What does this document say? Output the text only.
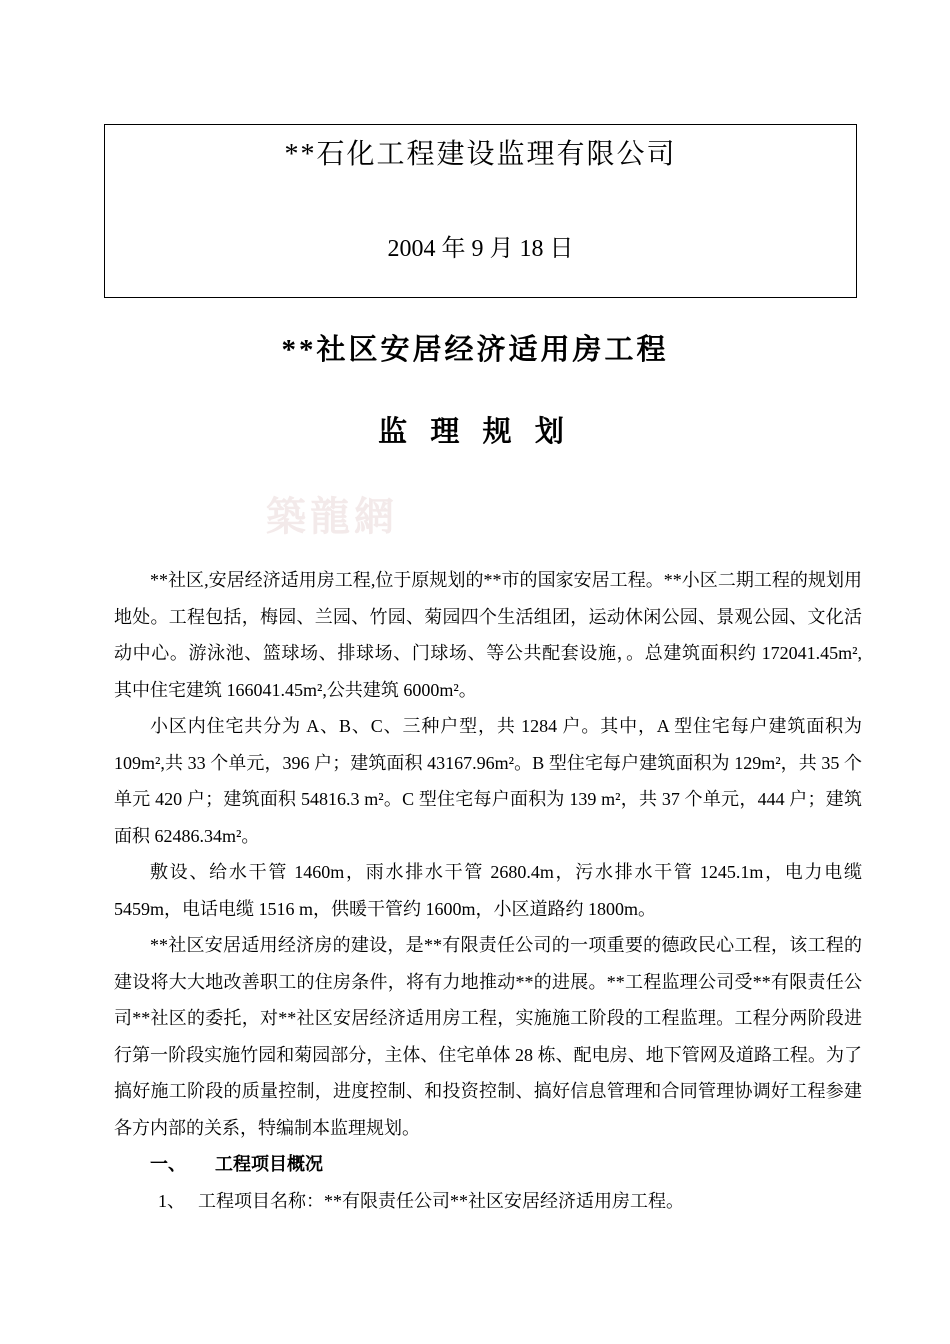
**石化工程建设监理有限公司
2004 年 9 月 18 日
**社区安居经济适用房工程
监 理 规 划
築龍網

**社区,安居经济适用房工程,位于原规划的**市的国家安居工程。**小区二期工程的规划用地处。工程包括，梅园、兰园、竹园、菊园四个生活组团，运动休闲公园、景观公园、文化活动中心。游泳池、篮球场、排球场、门球场、等公共配套设施，。总建筑面积约 172041.45m², 其中住宅建筑 166041.45m²,公共建筑 6000m²。

小区内住宅共分为 A、B、C、三种户型，共 1284 户。其中，A 型住宅每户建筑面积为 109m²,共 33 个单元，396 户；建筑面积 43167.96m²。B 型住宅每户建筑面积为 129m²，共 35 个单元 420 户；建筑面积 54816.3 m²。C 型住宅每户面积为 139 m²，共 37 个单元，444 户；建筑面积 62486.34m²。

敷设、给水干管 1460m，雨水排水干管 2680.4m，污水排水干管 1245.1m，电力电缆 5459m，电话电缆 1516 m，供暖干管约 1600m，小区道路约 1800m。

**社区安居适用经济房的建设，是**有限责任公司的一项重要的德政民心工程，该工程的建设将大大地改善职工的住房条件，将有力地推动**的进展。**工程监理公司受**有限责任公司**社区的委托，对**社区安居经济适用房工程，实施施工阶段的工程监理。工程分两阶段进行第一阶段实施竹园和菊园部分，主体、住宅单体 28 栋、配电房、地下管网及道路工程。为了搞好施工阶段的质量控制，进度控制、和投资控制、搞好信息管理和合同管理协调好工程参建各方内部的关系，特编制本监理规划。

一、 工程项目概况

1、 工程项目名称：**有限责任公司**社区安居经济适用房工程。
